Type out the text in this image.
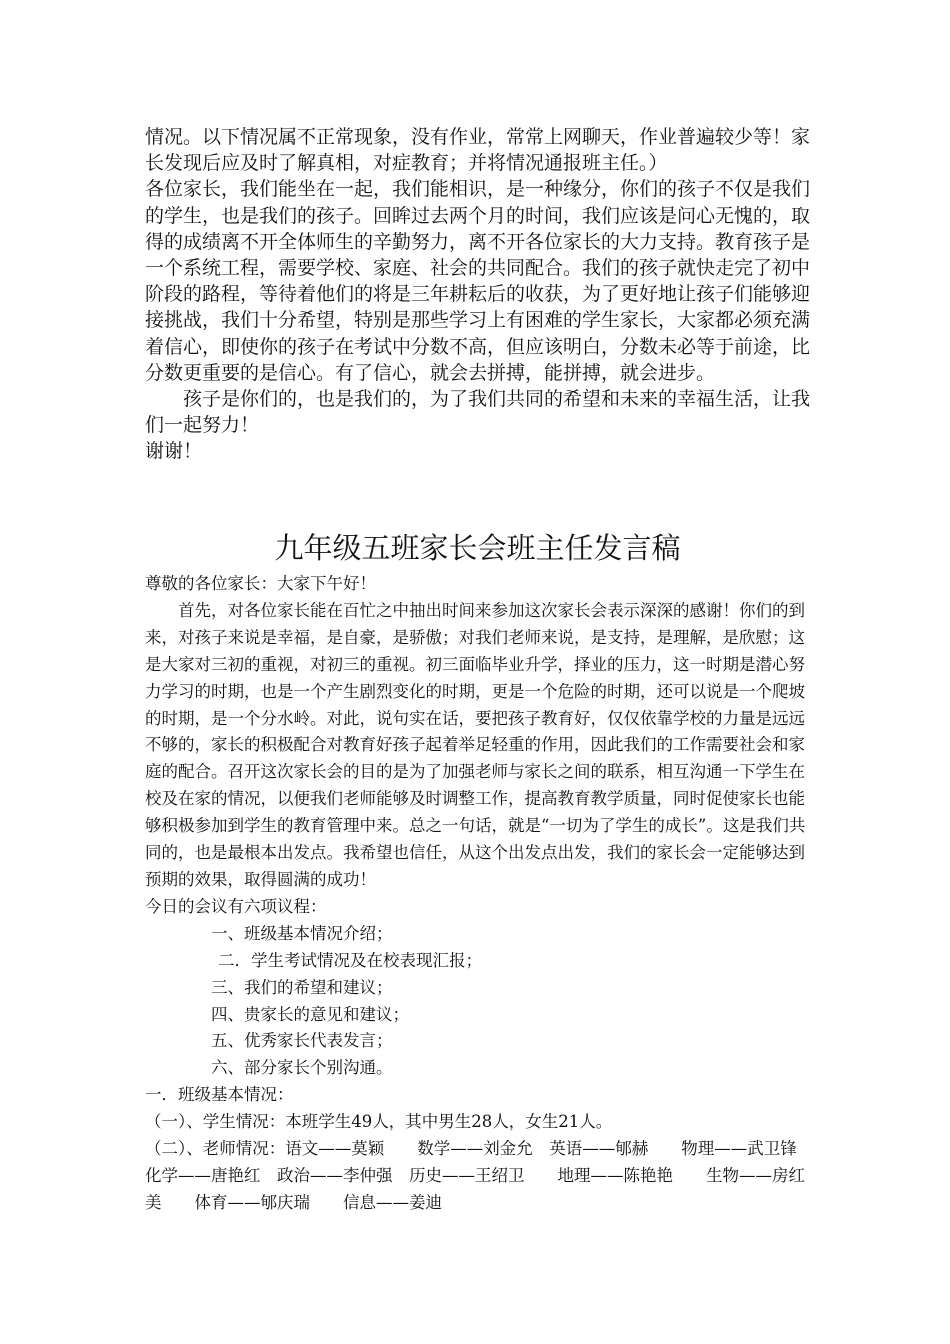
情况。以下情况属不正常现象，没有作业，常常上网聊天，作业普遍较少等！家长发现后应及时了解真相，对症教育；并将情况通报班主任。）

各位家长，我们能坐在一起，我们能相识，是一种缘分，你们的孩子不仅是我们的学生，也是我们的孩子。回眸过去两个月的时间，我们应该是问心无愧的，取得的成绩离不开全体师生的辛勤努力，离不开各位家长的大力支持。教育孩子是一个系统工程，需要学校、家庭、社会的共同配合。我们的孩子就快走完了初中阶段的路程，等待着他们的将是三年耕耘后的收获，为了更好地让孩子们能够迎接挑战，我们十分希望，特别是那些学习上有困难的学生家长，大家都必须充满着信心，即使你的孩子在考试中分数不高，但应该明白，分数未必等于前途，比分数更重要的是信心。有了信心，就会去拼搏，能拼搏，就会进步。

孩子是你们的，也是我们的，为了我们共同的希望和未来的幸福生活，让我们一起努力！

谢谢！

九年级五班家长会班主任发言稿

尊敬的各位家长：大家下午好！

首先，对各位家长能在百忙之中抽出时间来参加这次家长会表示深深的感谢！你们的到来，对孩子来说是幸福，是自豪，是骄傲；对我们老师来说，是支持，是理解，是欣慰；这是大家对三初的重视，对初三的重视。初三面临毕业升学，择业的压力，这一时期是潜心努力学习的时期，也是一个产生剧烈变化的时期，更是一个危险的时期，还可以说是一个爬坡的时期，是一个分水岭。对此，说句实在话，要把孩子教育好，仅仅依靠学校的力量是远远不够的，家长的积极配合对教育好孩子起着举足轻重的作用，因此我们的工作需要社会和家庭的配合。召开这次家长会的目的是为了加强老师与家长之间的联系，相互沟通一下学生在校及在家的情况，以便我们老师能够及时调整工作，提高教育教学质量，同时促使家长也能够积极参加到学生的教育管理中来。总之一句话，就是“一切为了学生的成长”。这是我们共同的，也是最根本出发点。我希望也信任，从这个出发点出发，我们的家长会一定能够达到预期的效果，取得圆满的成功！

今日的会议有六项议程：

一、班级基本情况介绍；
二．学生考试情况及在校表现汇报；
三、我们的希望和建议；
四、贵家长的意见和建议；
五、优秀家长代表发言；
六、部分家长个别沟通。

一．班级基本情况：

（一）、学生情况：本班学生49人，其中男生28人，女生21人。

（二）、老师情况：语文——莫颖　　数学——刘金允　英语——郇赫　　物理——武卫锋　化学——唐艳红　政治——李仲强　历史——王绍卫　　地理——陈艳艳　　生物——房红美　　体育——郇庆瑞　　信息——姜迪
